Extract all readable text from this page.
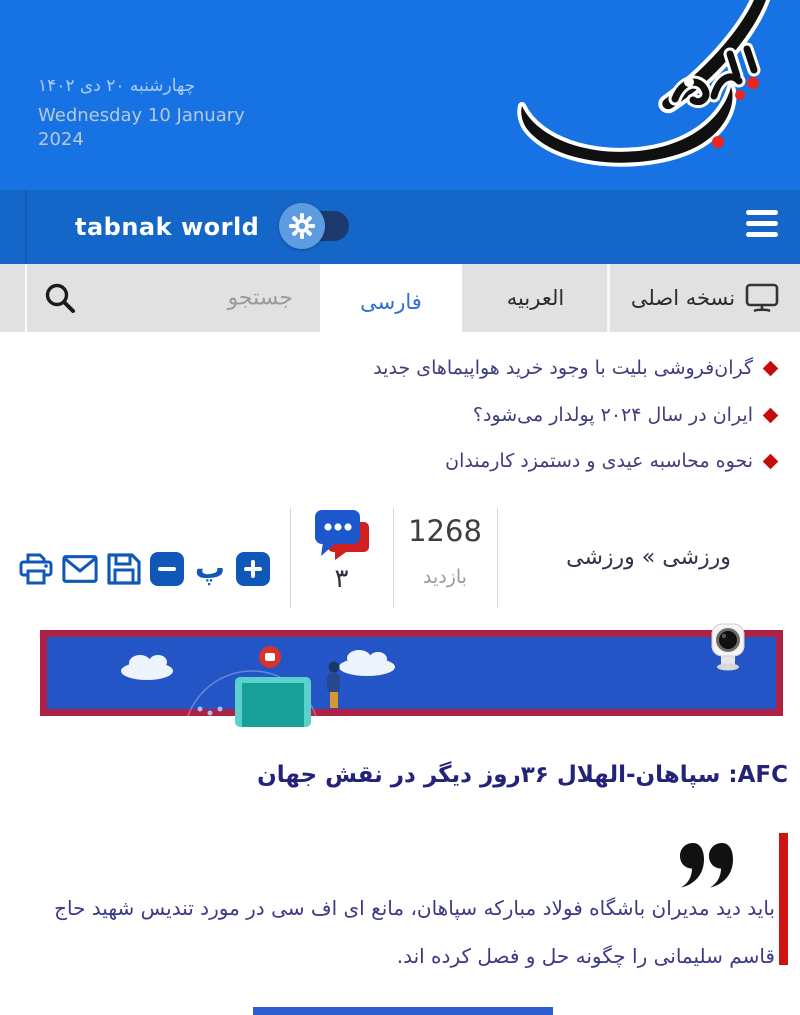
چهارشنبه ۲۰ دی ۱۴۰۲
Wednesday 10 January
2024
tabnak world
جستجو	فارسی	العربیه	نسخه اصلی
گران‌فروشی بلیت با وجود خرید هواپیماهای جدید
ایران در سال ۲۰۲۴ پولدار می‌شود؟
نحوه محاسبه عیدی و دستمزد کارمندان
ورزشی » ورزشی
1268
بازدید
۳
پ
AFC: سپاهان-الهلال ۳۶روز دیگر در نقش جهان

باید دید مدیران باشگاه فولاد مبارکه سپاهان، مانع ای اف سی در مورد تندیس شهید حاج قاسم سلیمانی را چگونه حل و فصل کرده اند.
